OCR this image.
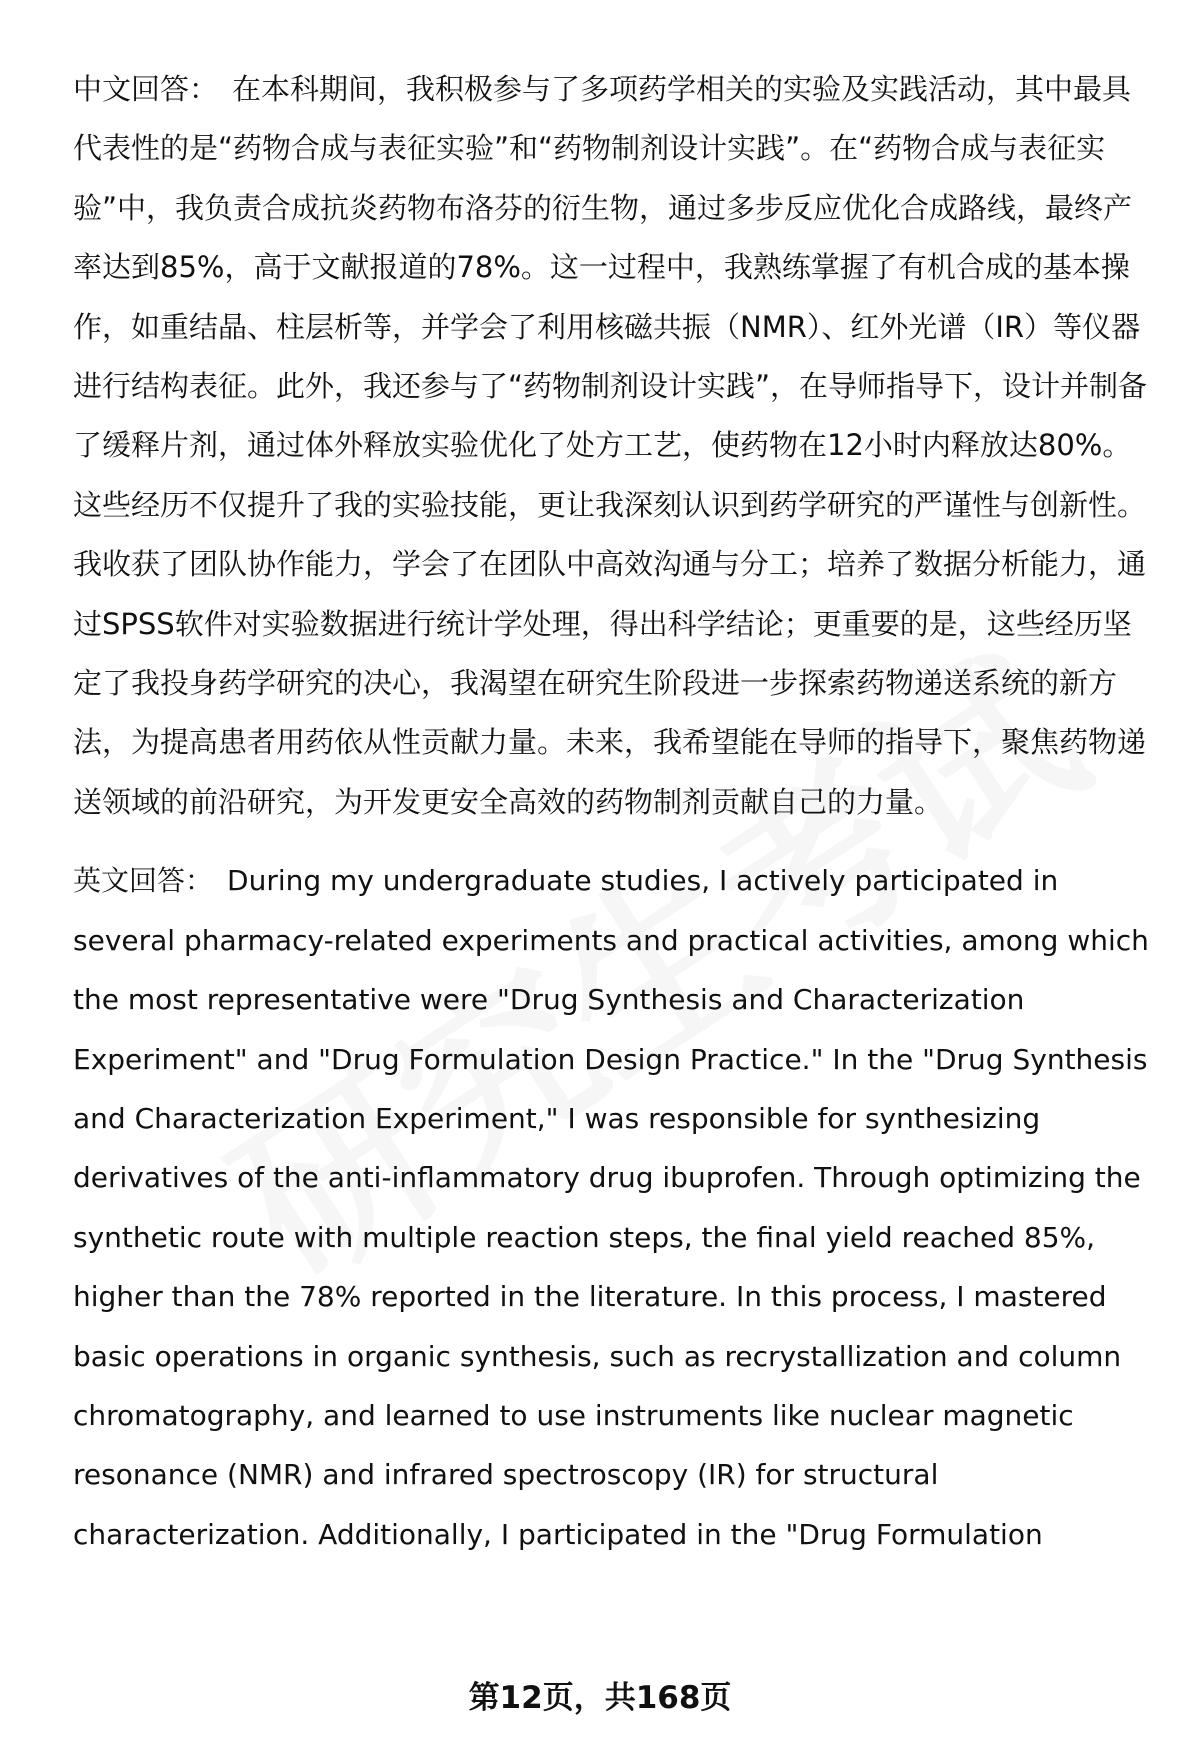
中文回答： 在本科期间，我积极参与了多项药学相关的实验及实践活动，其中最具代表性的是“药物合成与表征实验”和“药物制剂设计实践”。在“药物合成与表征实验”中，我负责合成抗炎药物布洛芬的衍生物，通过多步反应优化合成路线，最终产率达到85%，高于文献报道的78%。这一过程中，我熟练掌握了有机合成的基本操作，如重结晶、柱层析等，并学会了利用核磁共振（NMR）、红外光谱（IR）等仪器进行结构表征。此外，我还参与了“药物制剂设计实践”，在导师指导下，设计并制备了缓释片剂，通过体外释放实验优化了处方工艺，使药物在12小时内释放达80%。这些经历不仅提升了我的实验技能，更让我深刻认识到药学研究的严谨性与创新性。我收获了团队协作能力，学会了在团队中高效沟通与分工；培养了数据分析能力，通过SPSS软件对实验数据进行统计学处理，得出科学结论；更重要的是，这些经历坚定了我投身药学研究的决心，我渴望在研究生阶段进一步探索药物递送系统的新方法，为提高患者用药依从性贡献力量。未来，我希望能在导师的指导下，聚焦药物递送领域的前沿研究，为开发更安全高效的药物制剂贡献自己的力量。

英文回答： During my undergraduate studies, I actively participated in several pharmacy-related experiments and practical activities, among which the most representative were "Drug Synthesis and Characterization Experiment" and "Drug Formulation Design Practice." In the "Drug Synthesis and Characterization Experiment," I was responsible for synthesizing derivatives of the anti-inflammatory drug ibuprofen. Through optimizing the synthetic route with multiple reaction steps, the final yield reached 85%, higher than the 78% reported in the literature. In this process, I mastered basic operations in organic synthesis, such as recrystallization and column chromatography, and learned to use instruments like nuclear magnetic resonance (NMR) and infrared spectroscopy (IR) for structural characterization. Additionally, I participated in the "Drug Formulation

第12页，共168页
